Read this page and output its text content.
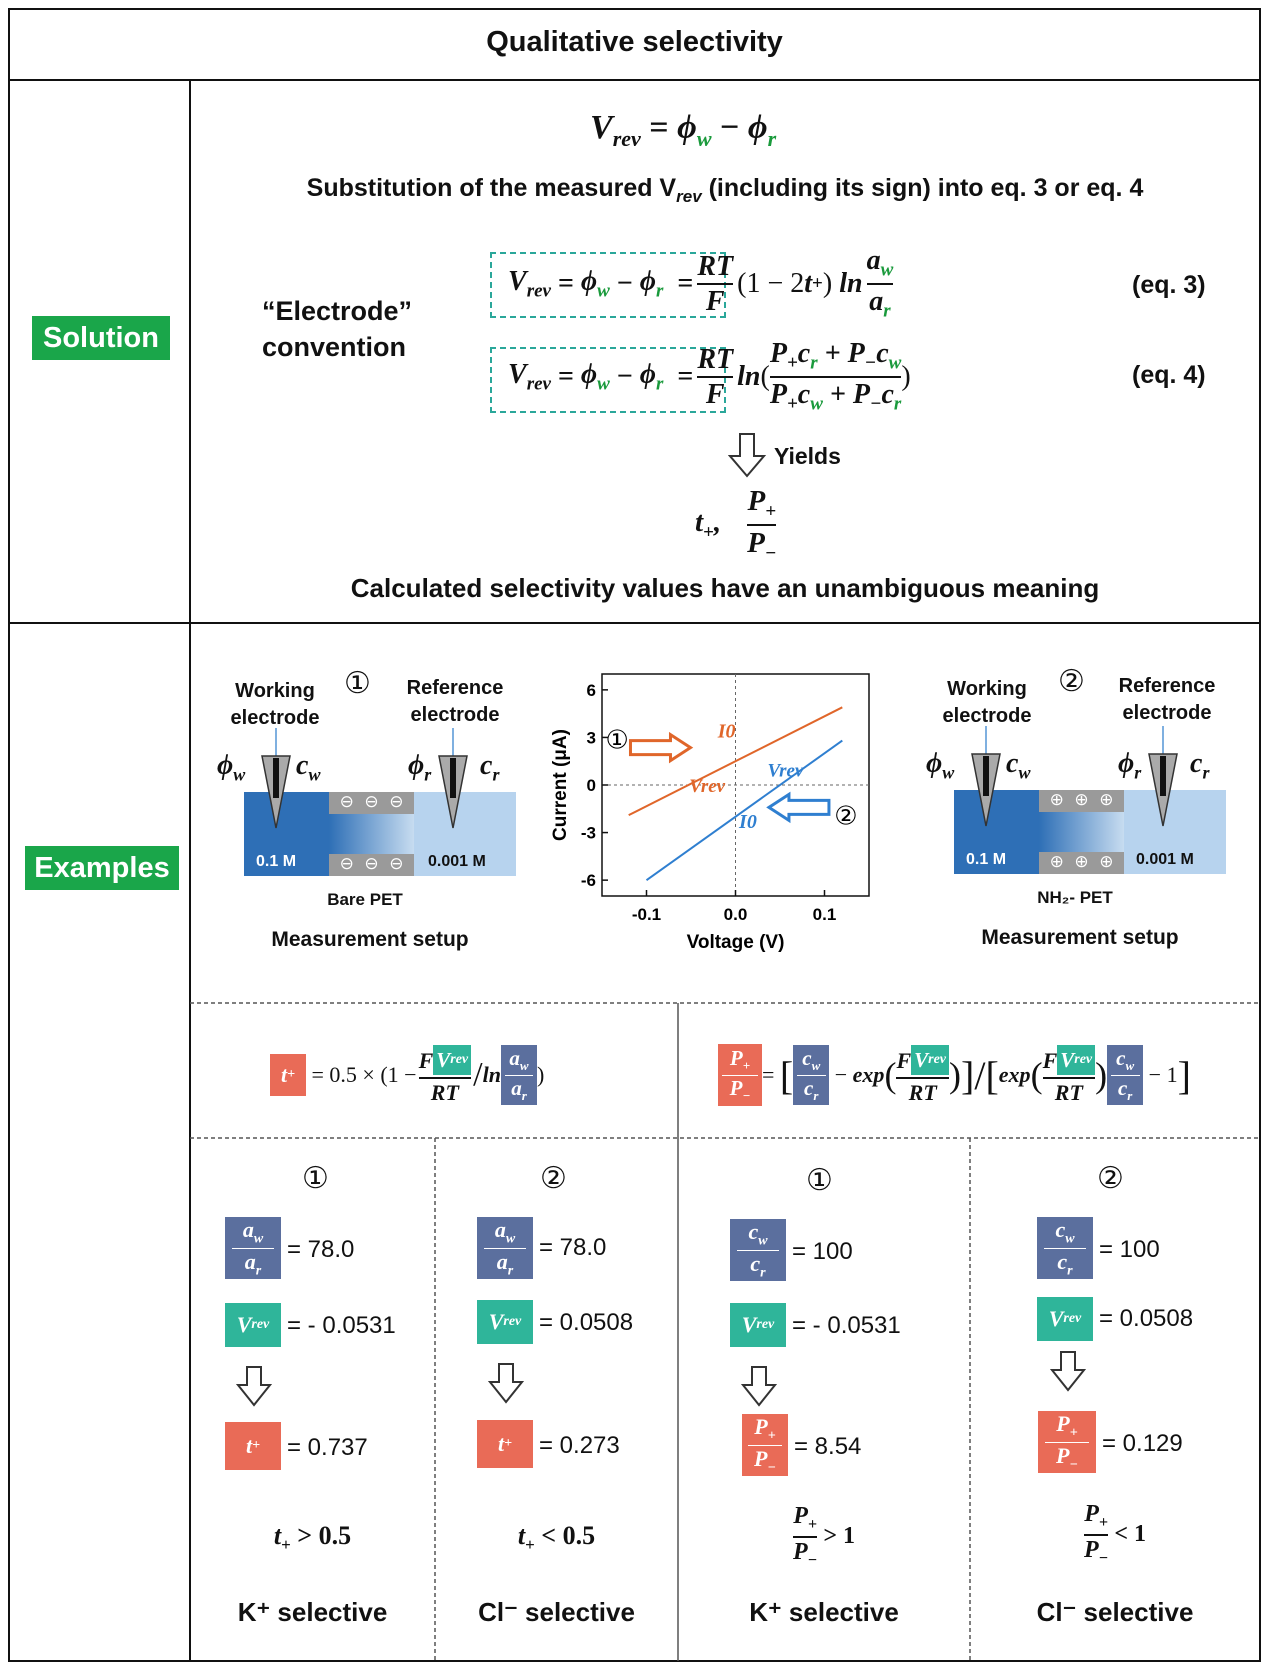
Qualitative selectivity
Solution
Examples
$V_{rev} = \phi_w - \phi_r$
Substitution of the measured $V_{rev}$ (including its sign) into eq. 3 or eq. 4
“Electrode” convention
$V_{rev} = \phi_w - \phi_r = \frac{RT}{F} (1 - 2$ t + ) $\ln \frac{a_w}{a_r}$	(eq. 3)
$V_{rev} = \phi_w - \phi_r = \frac{RT}{F}$ ln ( $\frac{P_+c_r + P_-c_w}{P_+c_w + P_-c_r}$ )	(eq. 4)
Yields
$t_+$, $\frac{P_+}{P_-}$
Calculated selectivity values have an unambiguous meaning
Working electrode
①	Reference electrode
$\phi_w$ $c_w$	$\phi_r$ $c_r$
⊖ ⊖ ⊖
⊖ ⊖ ⊖
0.1 M	0.001 M
Bare PET
Measurement setup
-0.1	0.0	0.1
6
3
0
-3
-6
Voltage (V)
Current (μA) ①	I0
Vrev
Vrev
I0	②
Working electrode
②	Reference electrode
$\phi_w$ $c_w$	$\phi_r$ $c_r$
⊕ ⊕ ⊕
⊕ ⊕ ⊕
0.1 M	0.001 M
NH₂- PET
Measurement setup
t + = $0.5 \times (1 - \frac{\text{F V rev}}{RT} / \ln$
$a_w$
$a_r$
)
$P_+$
$P_-$
= [ $c_w$
$c_r$
− exp ( $\frac{\text{F V rev}}{RT}$ ) ]/[ exp ( $\frac{\text{F V rev}}{RT}$ ) $c_w$
$c_r$
− 1 ]
①
$a_w$
$a_r$
= 78.0
V rev = - 0.0531
t + = 0.737
$t_+ > 0.5$
K⁺ selective
②
$a_w$
$a_r$
= 78.0
V rev = 0.0508
t + = 0.273
$t_+ < 0.5$
Cl⁻ selective
①
$c_w$
$c_r$
= 100
V rev = - 0.0531
$P_+$
$P_-$
= 8.54
$\frac{P_+}{P_-} > 1$
K⁺ selective
②
$c_w$
$c_r$
= 100
V rev = 0.0508
$P_+$
$P_-$
= 0.129
$\frac{P_+}{P_-} < 1$
Cl⁻ selective
